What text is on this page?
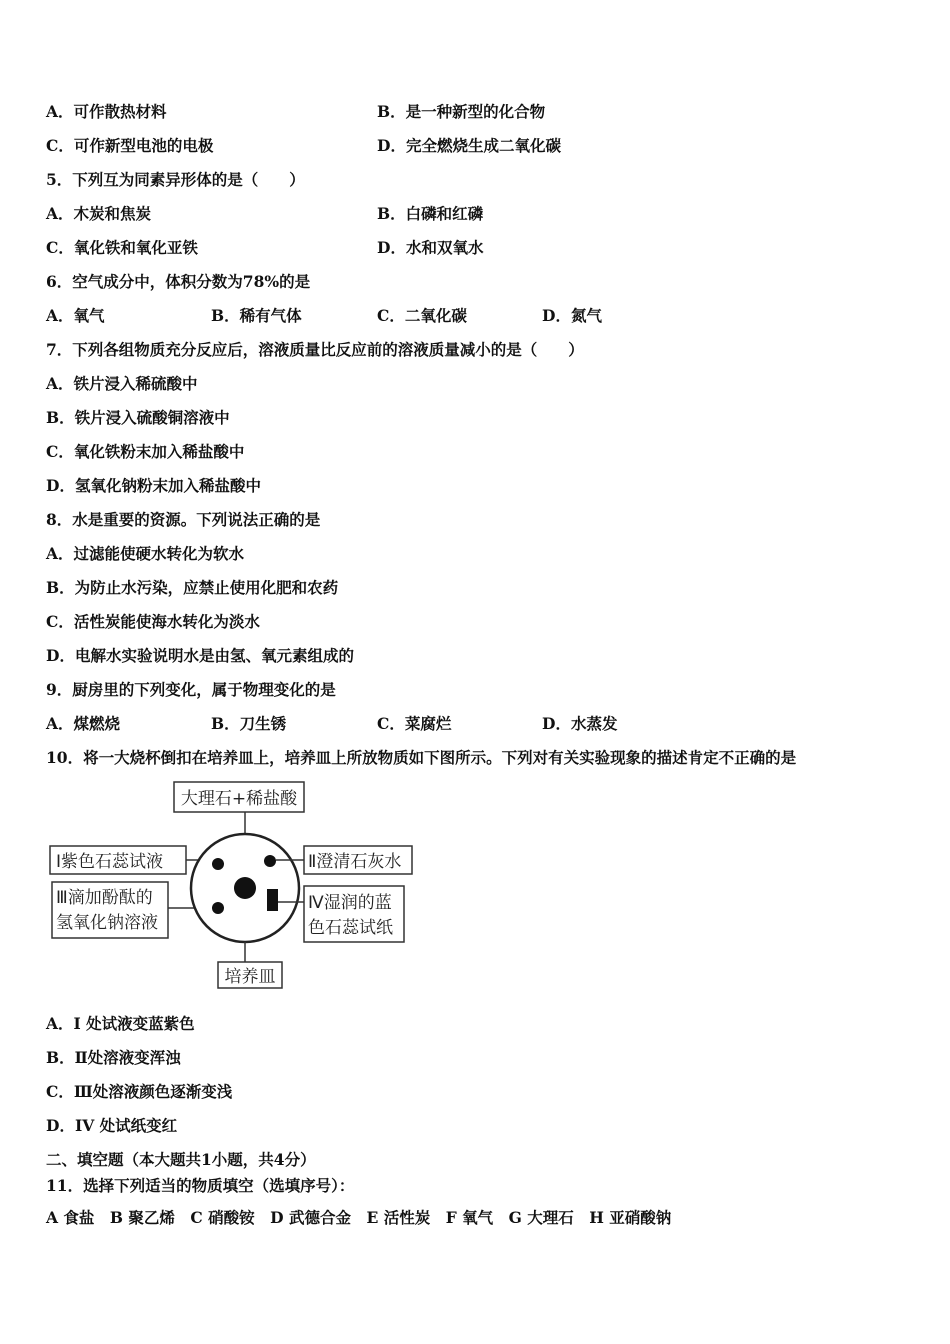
A．可作散热材料	B．是一种新型的化合物
C．可作新型电池的电极	D．完全燃烧生成二氧化碳
5．下列互为同素异形体的是（　　）
A．木炭和焦炭	B．白磷和红磷
C．氧化铁和氧化亚铁	D．水和双氧水
6．空气成分中，体积分数为78%的是
A．氧气	B．稀有气体	C．二氧化碳	D．氮气
7．下列各组物质充分反应后，溶液质量比反应前的溶液质量减小的是（　　）
A．铁片浸入稀硫酸中
B．铁片浸入硫酸铜溶液中
C．氧化铁粉末加入稀盐酸中
D．氢氧化钠粉末加入稀盐酸中
8．水是重要的资源。下列说法正确的是
A．过滤能使硬水转化为软水
B．为防止水污染，应禁止使用化肥和农药
C．活性炭能使海水转化为淡水
D．电解水实验说明水是由氢、氧元素组成的
9．厨房里的下列变化，属于物理变化的是
A．煤燃烧	B．刀生锈	C．菜腐烂	D．水蒸发
10．将一大烧杯倒扣在培养皿上，培养皿上所放物质如下图所示。下列对有关实验现象的描述肯定不正确的是
大理石+稀盐酸
Ⅰ紫色石蕊试液
Ⅲ滴加酚酞的
氢氧化钠溶液
Ⅱ澄清石灰水
Ⅳ湿润的蓝
色石蕊试纸
培养皿
A．I 处试液变蓝紫色
B．Ⅱ处溶液变浑浊
C．Ⅲ处溶液颜色逐渐变浅
D．IV 处试纸变红
二、填空题（本大题共1小题，共4分）
11．选择下列适当的物质填空（选填序号）：
A 食盐　B 聚乙烯　C 硝酸铵　D 武德合金　E 活性炭　F 氧气　G 大理石　H 亚硝酸钠
